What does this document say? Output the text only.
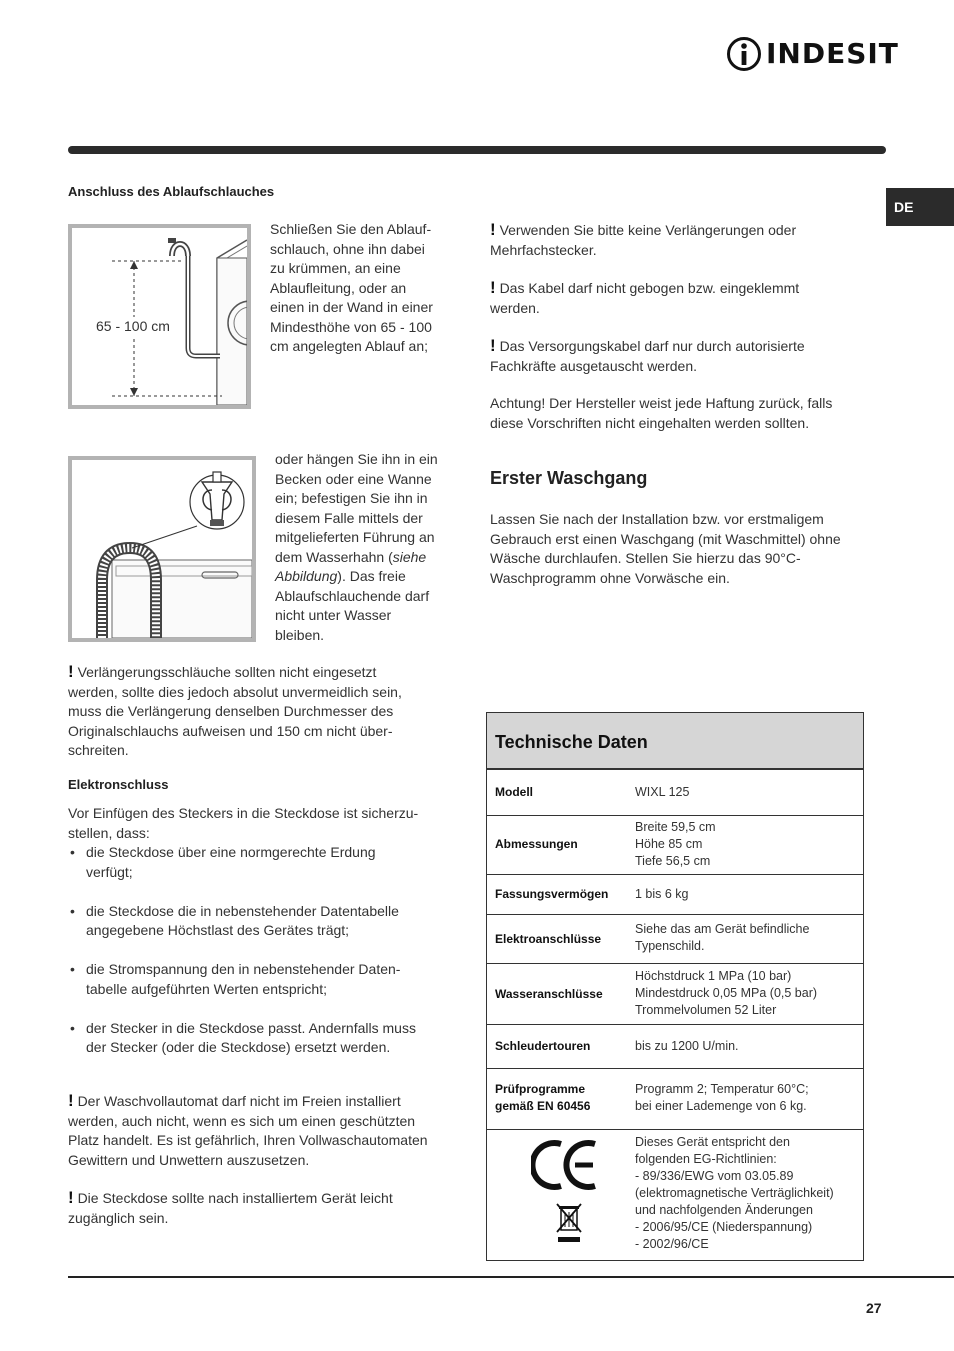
INDESIT
DE
Anschluss des Ablaufschlauches
65 - 100 cm
Schließen Sie den Ablauf-
schlauch, ohne ihn dabei
zu krümmen, an eine
Ablaufleitung, oder an
einen in der Wand in einer
Mindesthöhe von 65 - 100
cm angelegten Ablauf an;
oder hängen Sie ihn in ein
Becken oder eine Wanne
ein; befestigen Sie ihn in
diesem Falle mittels der
mitgelieferten Führung an
dem Wasserhahn (siehe
Abbildung). Das freie
Ablaufschlauchende darf
nicht unter Wasser
bleiben.
! Verlängerungsschläuche sollten nicht eingesetzt
werden, sollte dies jedoch absolut unvermeidlich sein,
muss die Verlängerung denselben Durchmesser des
Originalschlauchs aufweisen und 150 cm nicht über-
schreiten.
Elektronschluss
Vor Einfügen des Steckers in die Steckdose ist sicherzu-
stellen, dass:
• die Steckdose über eine normgerechte Erdung
verfügt;
• die Steckdose die in nebenstehender Datentabelle
angegebene Höchstlast des Gerätes trägt;
• die Stromspannung den in nebenstehender Daten-
tabelle aufgeführten Werten entspricht;
• der Stecker in die Steckdose passt. Andernfalls muss
der Stecker (oder die Steckdose) ersetzt werden.
! Der Waschvollautomat darf nicht im Freien installiert
werden, auch nicht, wenn es sich um einen geschützten
Platz handelt. Es ist gefährlich, Ihren Vollwaschautomaten
Gewittern und Unwettern auszusetzen.
! Die Steckdose sollte nach installiertem Gerät leicht
zugänglich sein.
! Verwenden Sie bitte keine Verlängerungen oder
Mehrfachstecker.
! Das Kabel darf nicht gebogen bzw. eingeklemmt
werden.
! Das Versorgungskabel darf nur durch autorisierte
Fachkräfte ausgetauscht werden.
Achtung! Der Hersteller weist jede Haftung zurück, falls
diese Vorschriften nicht eingehalten werden sollten.
Erster Waschgang
Lassen Sie nach der Installation bzw. vor erstmaligem
Gebrauch erst einen Waschgang (mit Waschmittel) ohne
Wäsche durchlaufen. Stellen Sie hierzu das 90°C-
Waschprogramm ohne Vorwäsche ein.
Technische Daten
Modell	WIXL 125
Abmessungen
Breite 59,5 cm
Höhe 85 cm
Tiefe 56,5 cm
Fassungsvermögen 1 bis 6 kg
Elektroanschlüsse
Siehe das am Gerät befindliche
Typenschild.
Wasseranschlüsse
Höchstdruck 1 MPa (10 bar)
Mindestdruck 0,05 MPa (0,5 bar)
Trommelvolumen 52 Liter
Schleudertouren	bis zu 1200 U/min.
Prüfprogramme
gemäß EN 60456
Programm 2; Temperatur 60°C;
bei einer Lademenge von 6 kg.
Dieses Gerät entspricht den
folgenden EG-Richtlinien:
- 89/336/EWG vom 03.05.89
(elektromagnetische Verträglichkeit)
und nachfolgenden Änderungen
- 2006/95/CE (Niederspannung)
- 2002/96/CE
27
